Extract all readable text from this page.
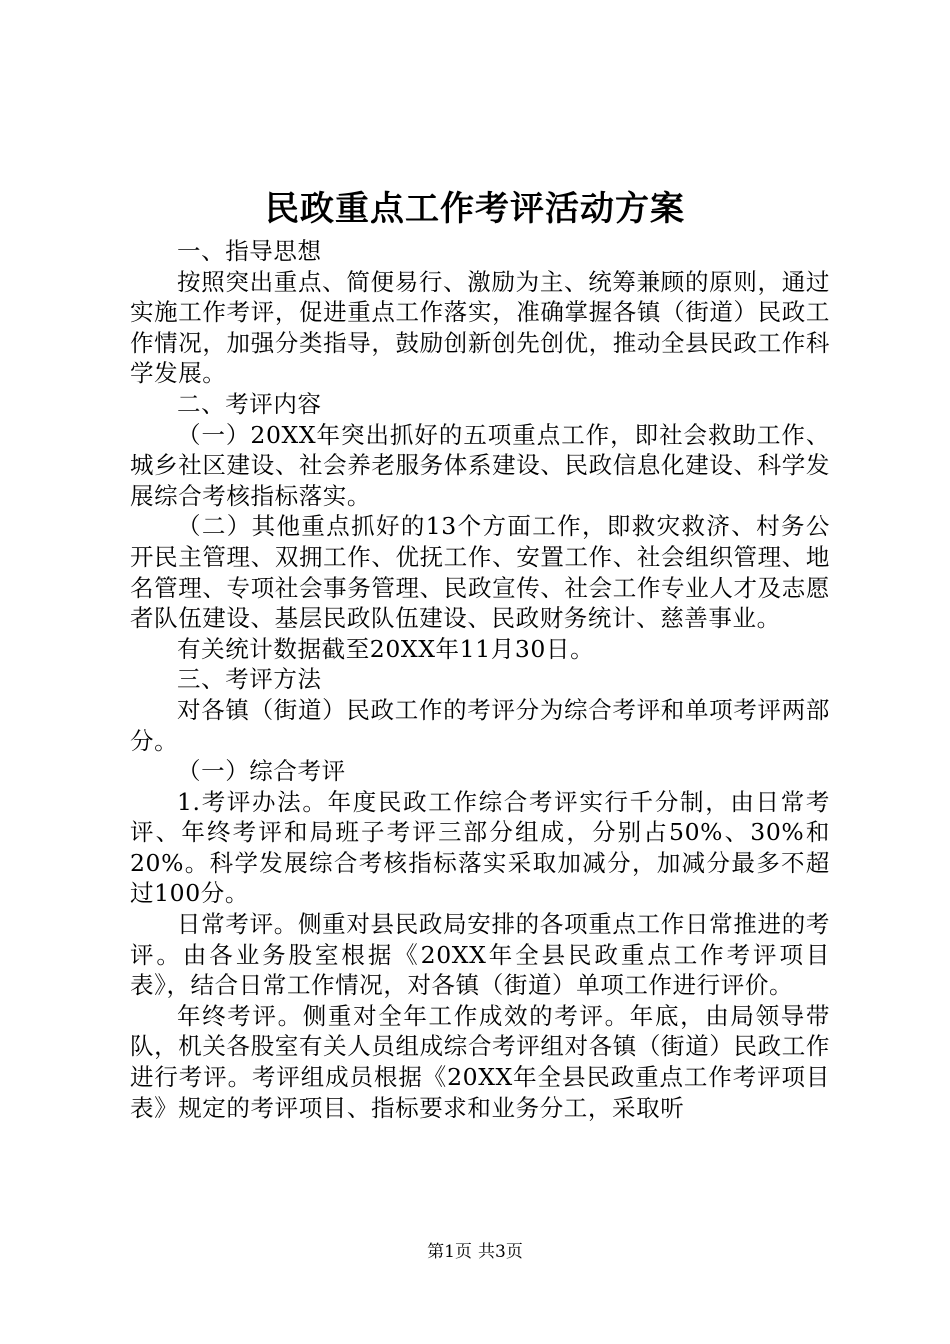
民政重点工作考评活动方案

一、指导思想

按照突出重点、简便易行、激励为主、统筹兼顾的原则，通过实施工作考评，促进重点工作落实，准确掌握各镇（街道）民政工作情况，加强分类指导，鼓励创新创先创优，推动全县民政工作科学发展。

二、考评内容

（一）20XX年突出抓好的五项重点工作，即社会救助工作、城乡社区建设、社会养老服务体系建设、民政信息化建设、科学发展综合考核指标落实。

（二）其他重点抓好的13个方面工作，即救灾救济、村务公开民主管理、双拥工作、优抚工作、安置工作、社会组织管理、地名管理、专项社会事务管理、民政宣传、社会工作专业人才及志愿者队伍建设、基层民政队伍建设、民政财务统计、慈善事业。

有关统计数据截至20XX年11月30日。

三、考评方法

对各镇（街道）民政工作的考评分为综合考评和单项考评两部分。

（一）综合考评

1.考评办法。年度民政工作综合考评实行千分制，由日常考评、年终考评和局班子考评三部分组成，分别占50%、30%和20%。科学发展综合考核指标落实采取加减分，加减分最多不超过100分。

日常考评。侧重对县民政局安排的各项重点工作日常推进的考评。由各业务股室根据《20XX年全县民政重点工作考评项目表》，结合日常工作情况，对各镇（街道）单项工作进行评价。

年终考评。侧重对全年工作成效的考评。年底，由局领导带队，机关各股室有关人员组成综合考评组对各镇（街道）民政工作进行考评。考评组成员根据《20XX年全县民政重点工作考评项目表》规定的考评项目、指标要求和业务分工，采取听

第1页 共3页
